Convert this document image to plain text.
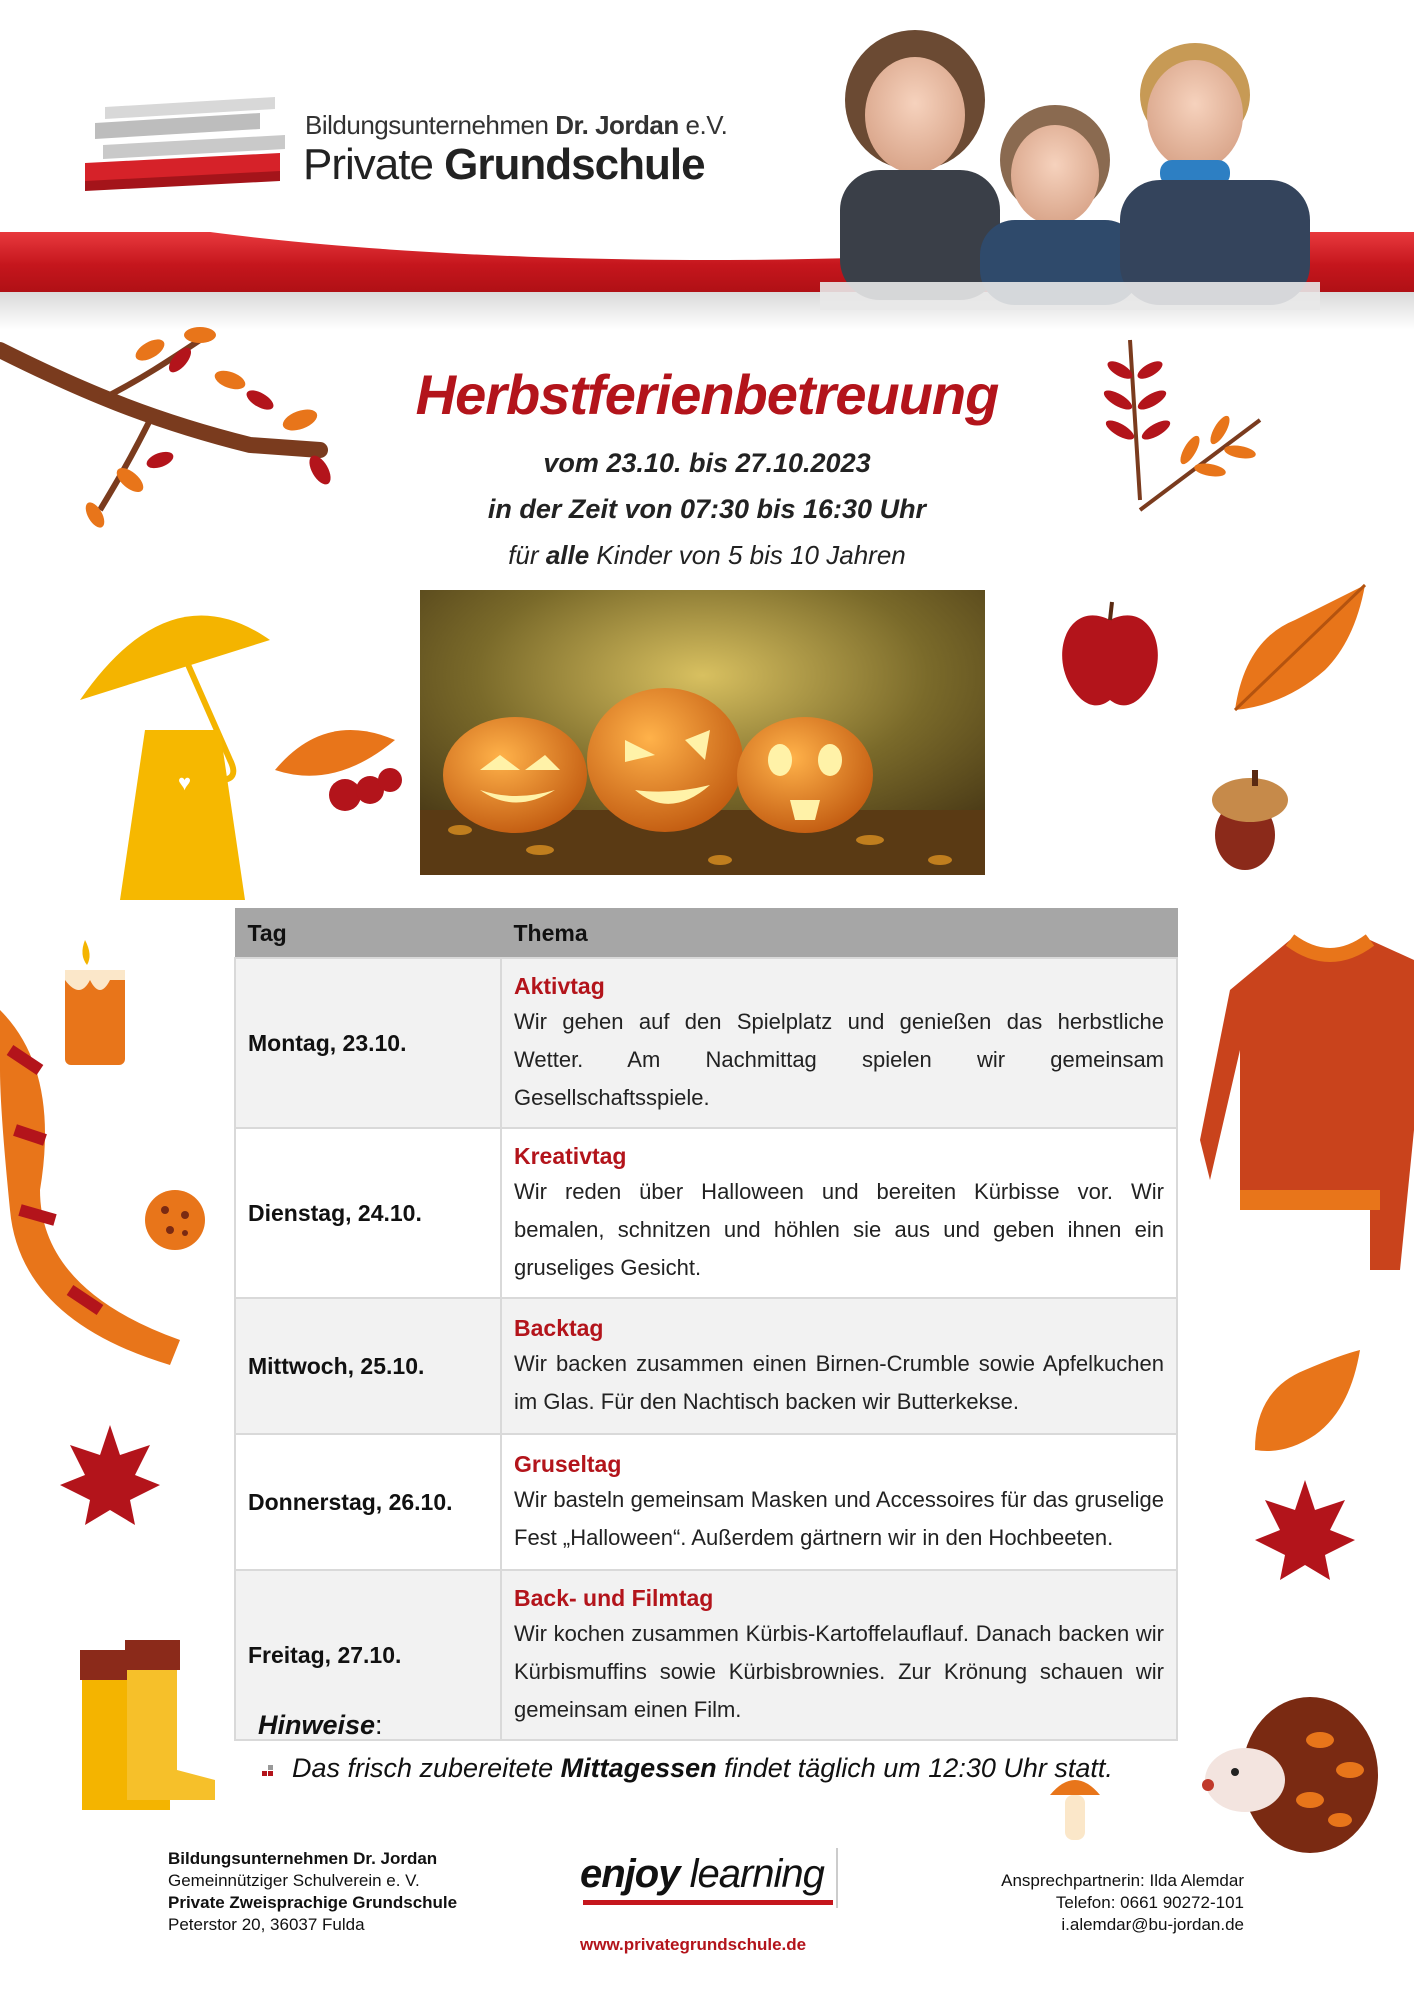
Bildungsunternehmen Dr. Jordan e.V.
Private Grundschule
♥
Herbstferienbetreuung
vom 23.10. bis 27.10.2023
in der Zeit von 07:30 bis 16:30 Uhr
für alle Kinder von 5 bis 10 Jahren
Tag	Thema
Montag, 23.10.	Aktivtag
Wir gehen auf den Spielplatz und genießen das herbstliche Wetter. Am Nachmittag spielen wir gemeinsam Gesellschaftsspiele.

Dienstag, 24.10.	Kreativtag
Wir reden über Halloween und bereiten Kürbisse vor. Wir bemalen, schnitzen und höhlen sie aus und geben ihnen ein gruseliges Gesicht.

Mittwoch, 25.10.	Backtag
Wir backen zusammen einen Birnen-Crumble sowie Apfelkuchen im Glas. Für den Nachtisch backen wir Butterkekse.

Donnerstag, 26.10.	Gruseltag
Wir basteln gemeinsam Masken und Accessoires für das gruselige Fest „Halloween“. Außerdem gärtnern wir in den Hochbeeten.

Freitag, 27.10.	Back- und Filmtag
Wir kochen zusammen Kürbis-Kartoffelauflauf. Danach backen wir Kürbismuffins sowie Kürbisbrownies. Zur Krönung schauen wir gemeinsam einen Film.
Hinweise:
Das frisch zubereitete Mittagessen findet täglich um 12:30 Uhr statt.
Bildungsunternehmen Dr. Jordan
Gemeinnütziger Schulverein e. V.
Private Zweisprachige Grundschule
Peterstor 20, 36037 Fulda
enjoy learning
www.privategrundschule.de
Ansprechpartnerin: Ilda Alemdar
Telefon: 0661 90272-101
i.alemdar@bu-jordan.de
